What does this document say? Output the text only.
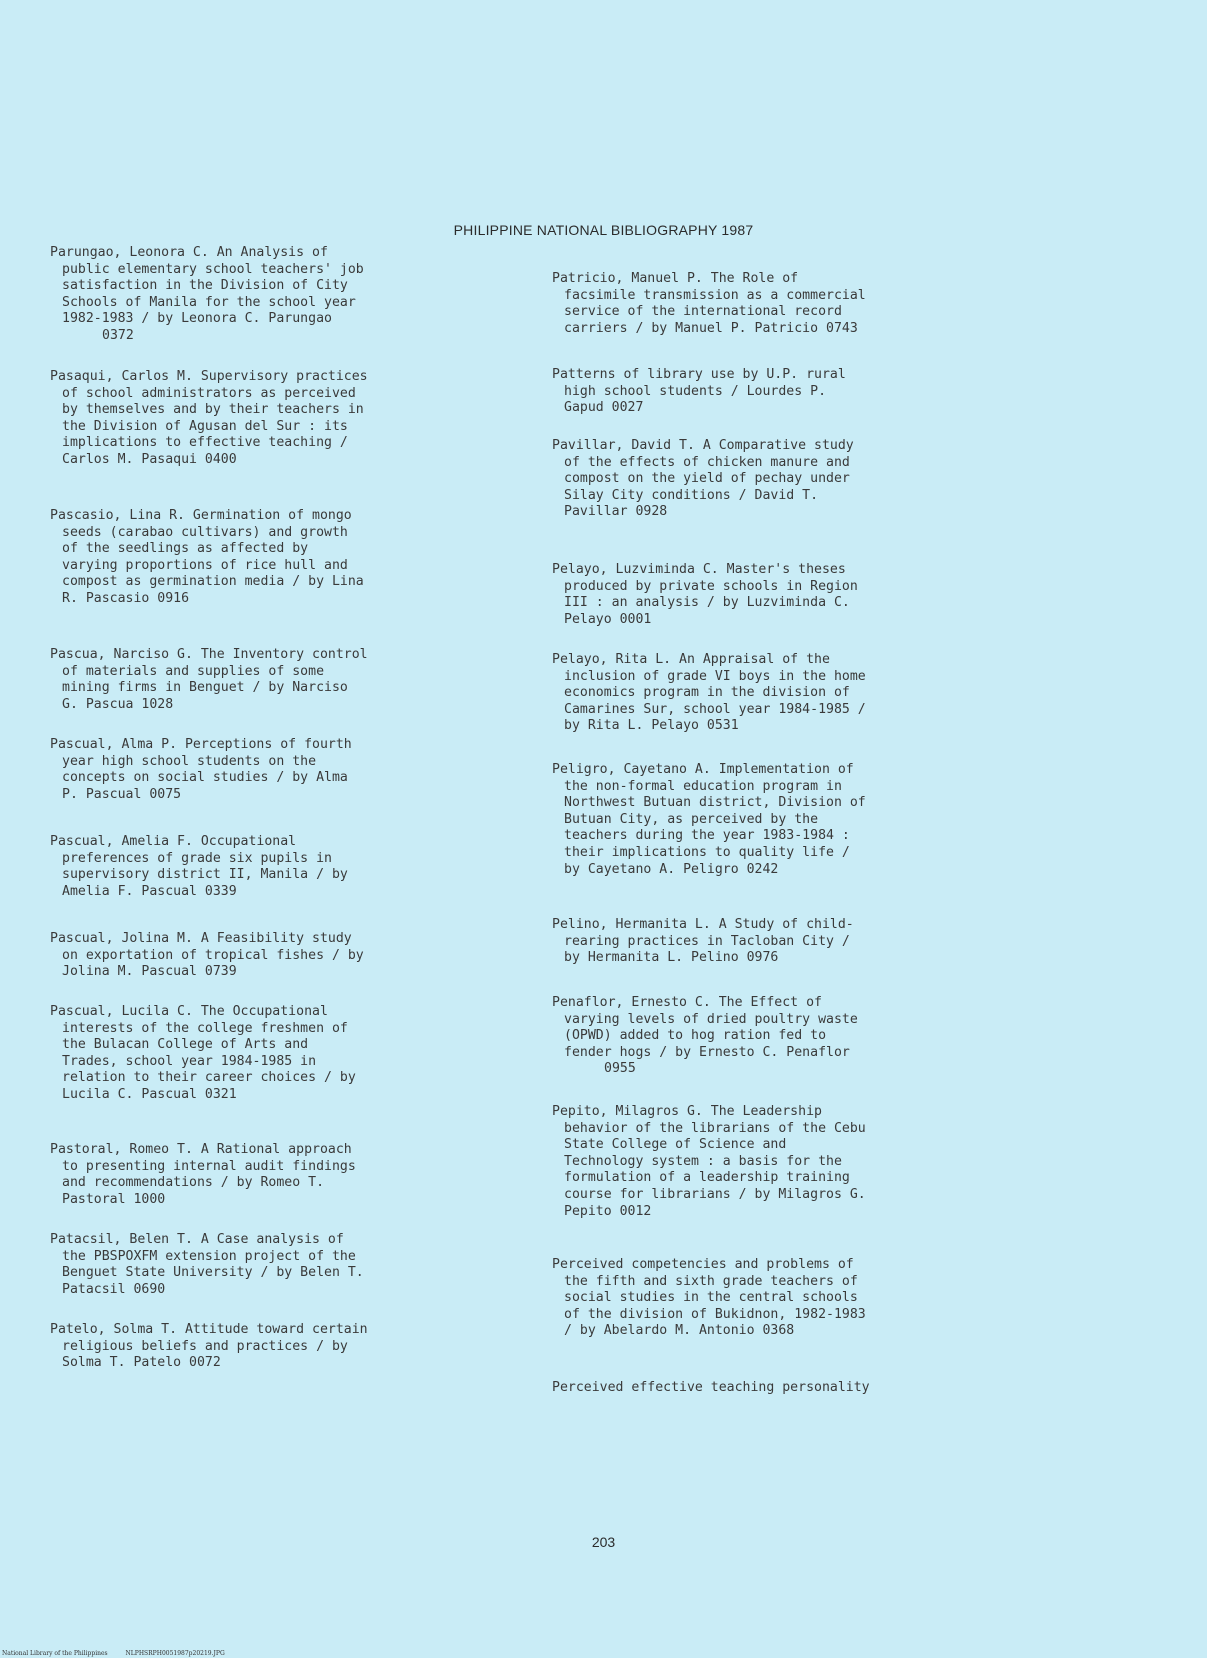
PHILIPPINE NATIONAL BIBLIOGRAPHY 1987

Parungao, Leonora C. An Analysis of
public elementary school teachers' job
satisfaction in the Division of City
Schools of Manila for the school year
1982-1983 / by Leonora C. Parungao
0372

Pasaqui, Carlos M. Supervisory practices
of school administrators as perceived
by themselves and by their teachers in
the Division of Agusan del Sur : its
implications to effective teaching /
Carlos M. Pasaqui 0400

Pascasio, Lina R. Germination of mongo
seeds (carabao cultivars) and growth
of the seedlings as affected by
varying proportions of rice hull and
compost as germination media / by Lina
R. Pascasio 0916

Pascua, Narciso G. The Inventory control
of materials and supplies of some
mining firms in Benguet / by Narciso
G. Pascua 1028

Pascual, Alma P. Perceptions of fourth
year high school students on the
concepts on social studies / by Alma
P. Pascual 0075

Pascual, Amelia F. Occupational
preferences of grade six pupils in
supervisory district II, Manila / by
Amelia F. Pascual 0339

Pascual, Jolina M. A Feasibility study
on exportation of tropical fishes / by
Jolina M. Pascual 0739

Pascual, Lucila C. The Occupational
interests of the college freshmen of
the Bulacan College of Arts and
Trades, school year 1984-1985 in
relation to their career choices / by
Lucila C. Pascual 0321

Pastoral, Romeo T. A Rational approach
to presenting internal audit findings
and recommendations / by Romeo T.
Pastoral 1000

Patacsil, Belen T. A Case analysis of
the PBSPOXFM extension project of the
Benguet State University / by Belen T.
Patacsil 0690

Patelo, Solma T. Attitude toward certain
religious beliefs and practices / by
Solma T. Patelo 0072

Patricio, Manuel P. The Role of
facsimile transmission as a commercial
service of the international record
carriers / by Manuel P. Patricio 0743

Patterns of library use by U.P. rural
high school students / Lourdes P.
Gapud 0027

Pavillar, David T. A Comparative study
of the effects of chicken manure and
compost on the yield of pechay under
Silay City conditions / David T.
Pavillar 0928

Pelayo, Luzviminda C. Master's theses
produced by private schools in Region
III : an analysis / by Luzviminda C.
Pelayo 0001

Pelayo, Rita L. An Appraisal of the
inclusion of grade VI boys in the home
economics program in the division of
Camarines Sur, school year 1984-1985 /
by Rita L. Pelayo 0531

Peligro, Cayetano A. Implementation of
the non-formal education program in
Northwest Butuan district, Division of
Butuan City, as perceived by the
teachers during the year 1983-1984 :
their implications to quality life /
by Cayetano A. Peligro 0242

Pelino, Hermanita L. A Study of child-
rearing practices in Tacloban City /
by Hermanita L. Pelino 0976

Penaflor, Ernesto C. The Effect of
varying levels of dried poultry waste
(OPWD) added to hog ration fed to
fender hogs / by Ernesto C. Penaflor
0955

Pepito, Milagros G. The Leadership
behavior of the librarians of the Cebu
State College of Science and
Technology system : a basis for the
formulation of a leadership training
course for librarians / by Milagros G.
Pepito 0012

Perceived competencies and problems of
the fifth and sixth grade teachers of
social studies in the central schools
of the division of Bukidnon, 1982-1983
/ by Abelardo M. Antonio 0368

Perceived effective teaching personality

203
National Library of the Philippines	NLPHSRPH0051987p20219.JPG
